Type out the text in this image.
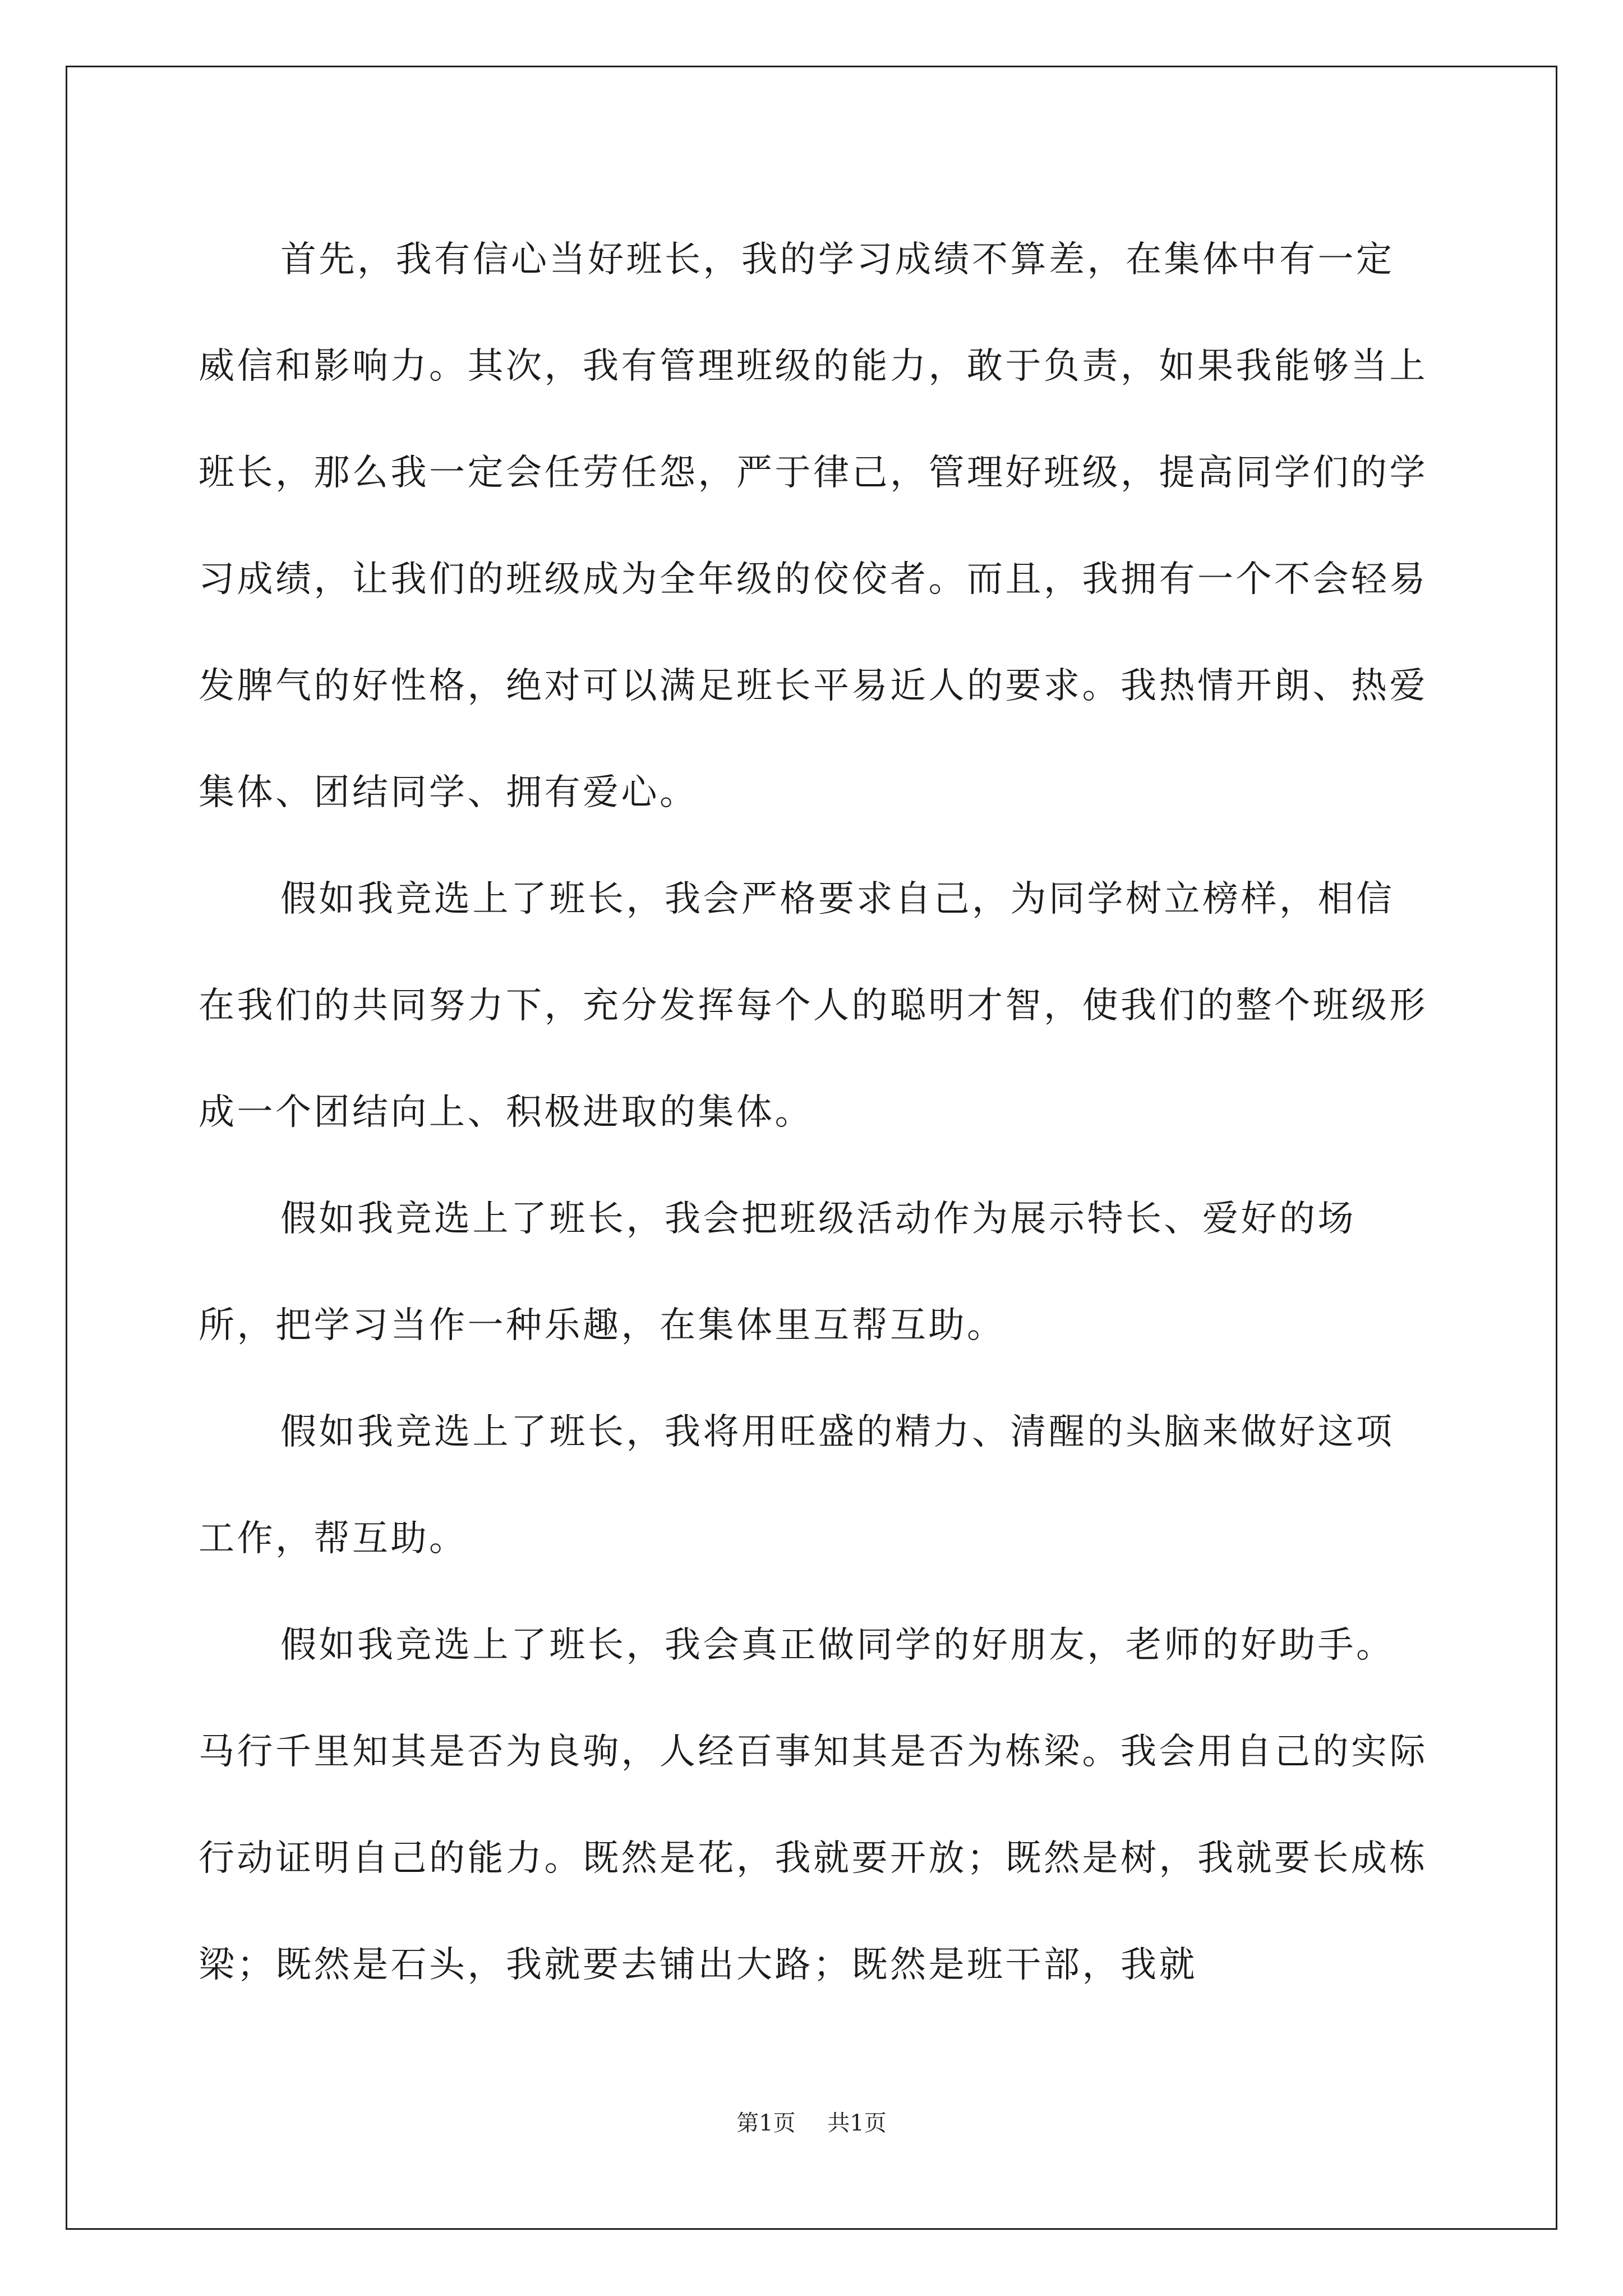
首先，我有信心当好班长，我的学习成绩不算差，在集体中有一定威信和影响力。其次，我有管理班级的能力，敢于负责，如果我能够当上班长，那么我一定会任劳任怨，严于律己，管理好班级，提高同学们的学习成绩，让我们的班级成为全年级的佼佼者。而且，我拥有一个不会轻易发脾气的好性格，绝对可以满足班长平易近人的要求。我热情开朗、热爱集体、团结同学、拥有爱心。

假如我竞选上了班长，我会严格要求自己，为同学树立榜样，相信在我们的共同努力下，充分发挥每个人的聪明才智，使我们的整个班级形成一个团结向上、积极进取的集体。

假如我竞选上了班长，我会把班级活动作为展示特长、爱好的场所，把学习当作一种乐趣，在集体里互帮互助。

假如我竞选上了班长，我将用旺盛的精力、清醒的头脑来做好这项工作，帮互助。

假如我竞选上了班长，我会真正做同学的好朋友，老师的好助手。马行千里知其是否为良驹，人经百事知其是否为栋梁。我会用自己的实际行动证明自己的能力。既然是花，我就要开放；既然是树，我就要长成栋梁；既然是石头，我就要去铺出大路；既然是班干部，我就

第1页 共1页
